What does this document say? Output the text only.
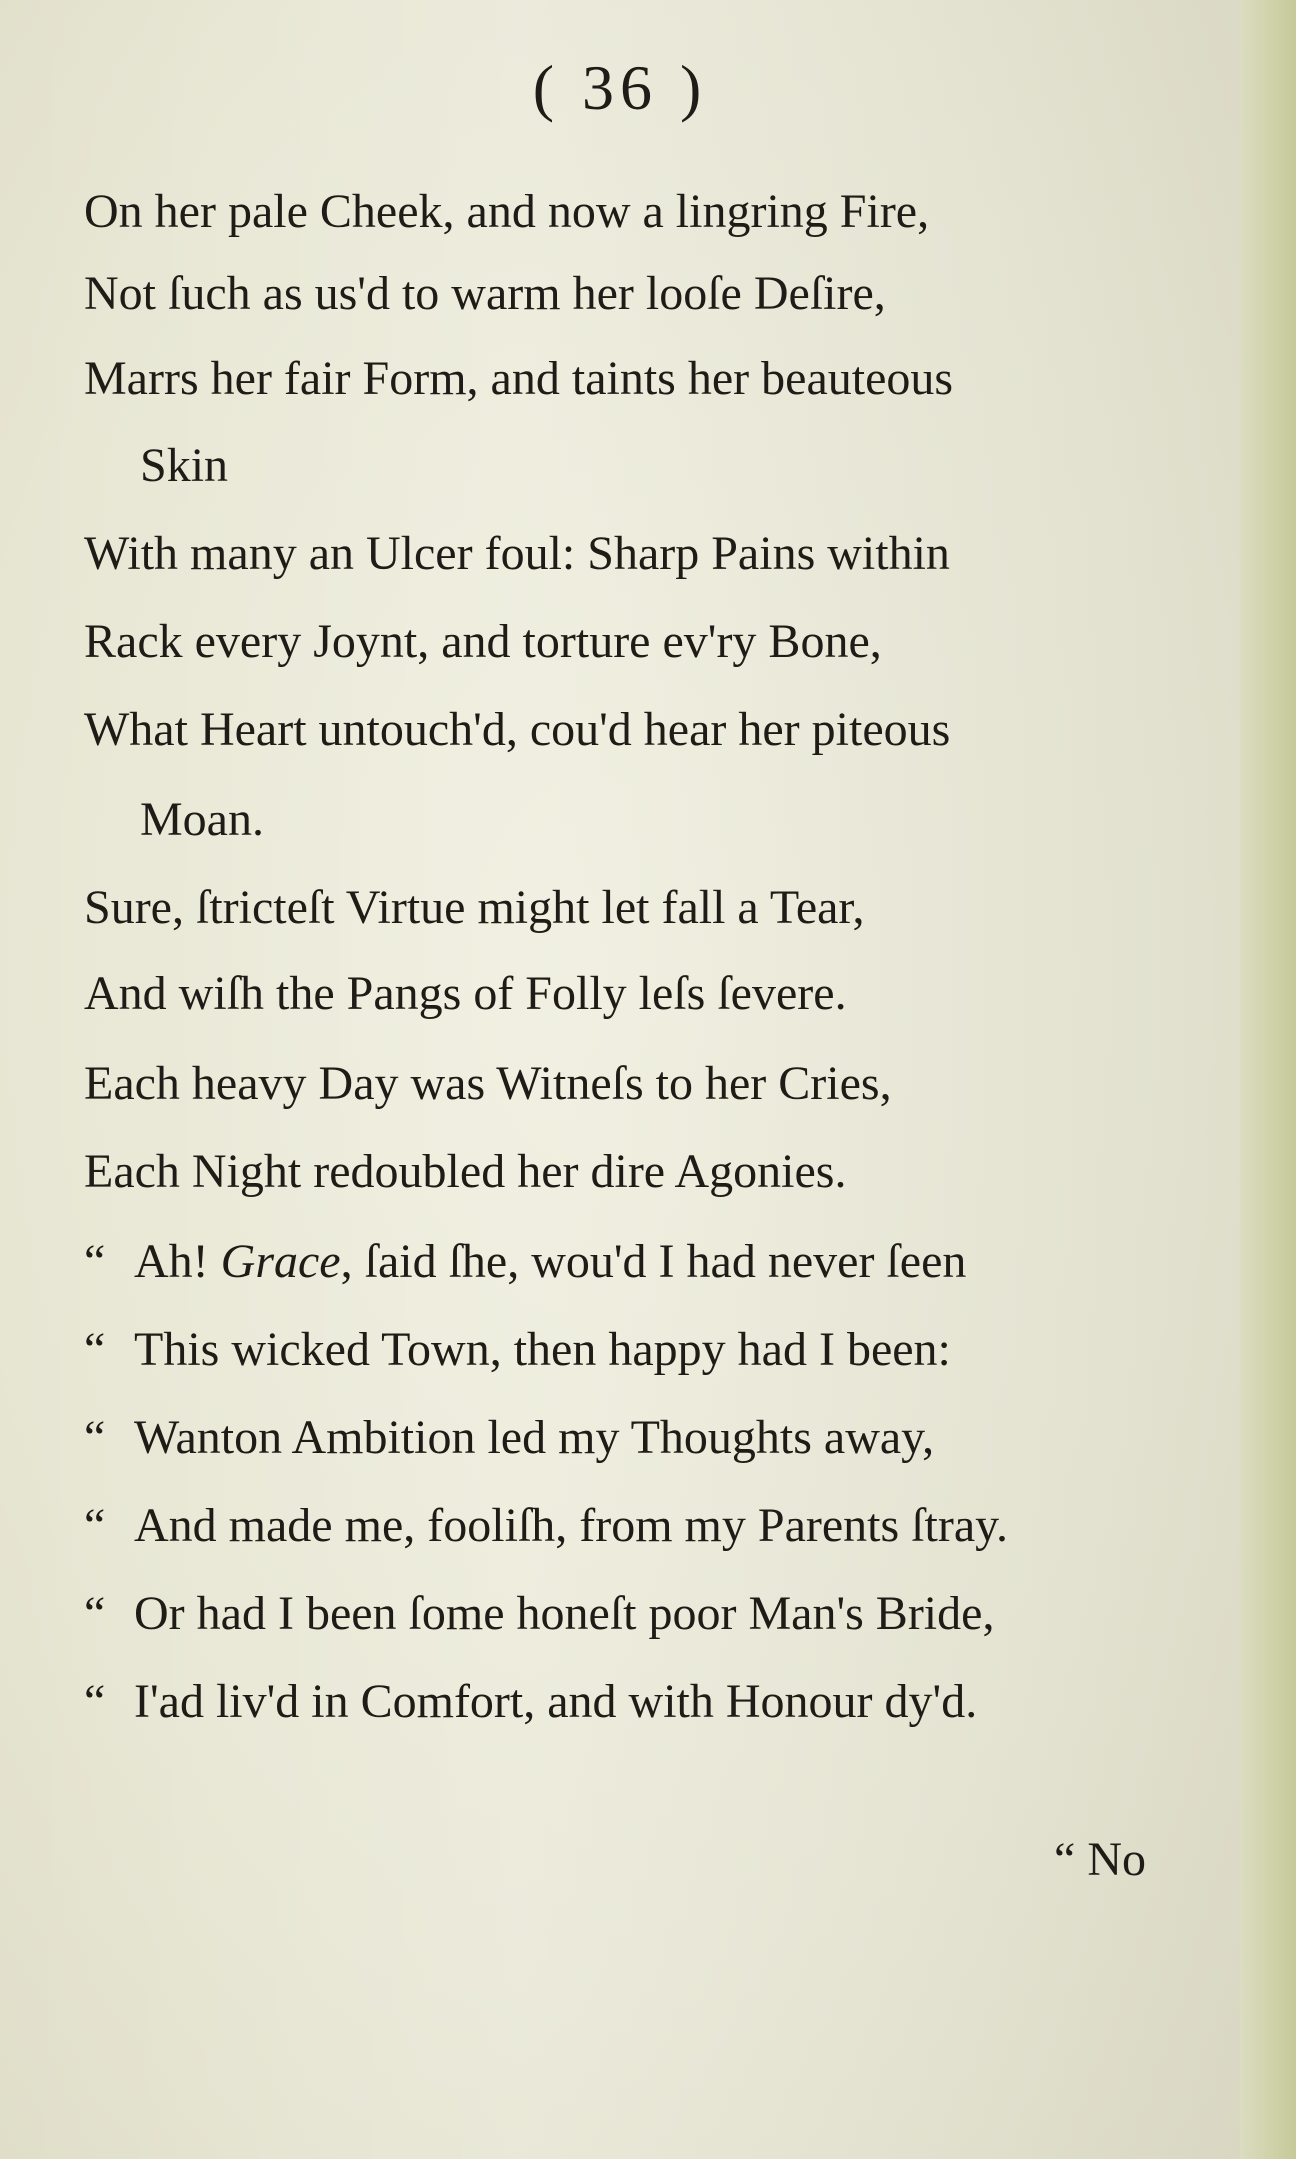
( 36 )
On her pale Cheek, and now a lingring Fire,
Not ſuch as us'd to warm her looſe Deſire,
Marrs her fair Form, and taints her beauteous
Skin
With many an Ulcer foul: Sharp Pains within
Rack every Joynt, and torture ev'ry Bone,
What Heart untouch'd, cou'd hear her piteous
Moan.
Sure, ſtricteſt Virtue might let fall a Tear,
And wiſh the Pangs of Folly leſs ſevere.
Each heavy Day was Witneſs to her Cries,
Each Night redoubled her dire Agonies.
“ Ah! Grace, ſaid ſhe, wou'd I had never ſeen
“ This wicked Town, then happy had I been:
“ Wanton Ambition led my Thoughts away,
“ And made me, fooliſh, from my Parents ſtray.
“ Or had I been ſome honeſt poor Man's Bride,
“ I'ad liv'd in Comfort, and with Honour dy'd.
“ No
